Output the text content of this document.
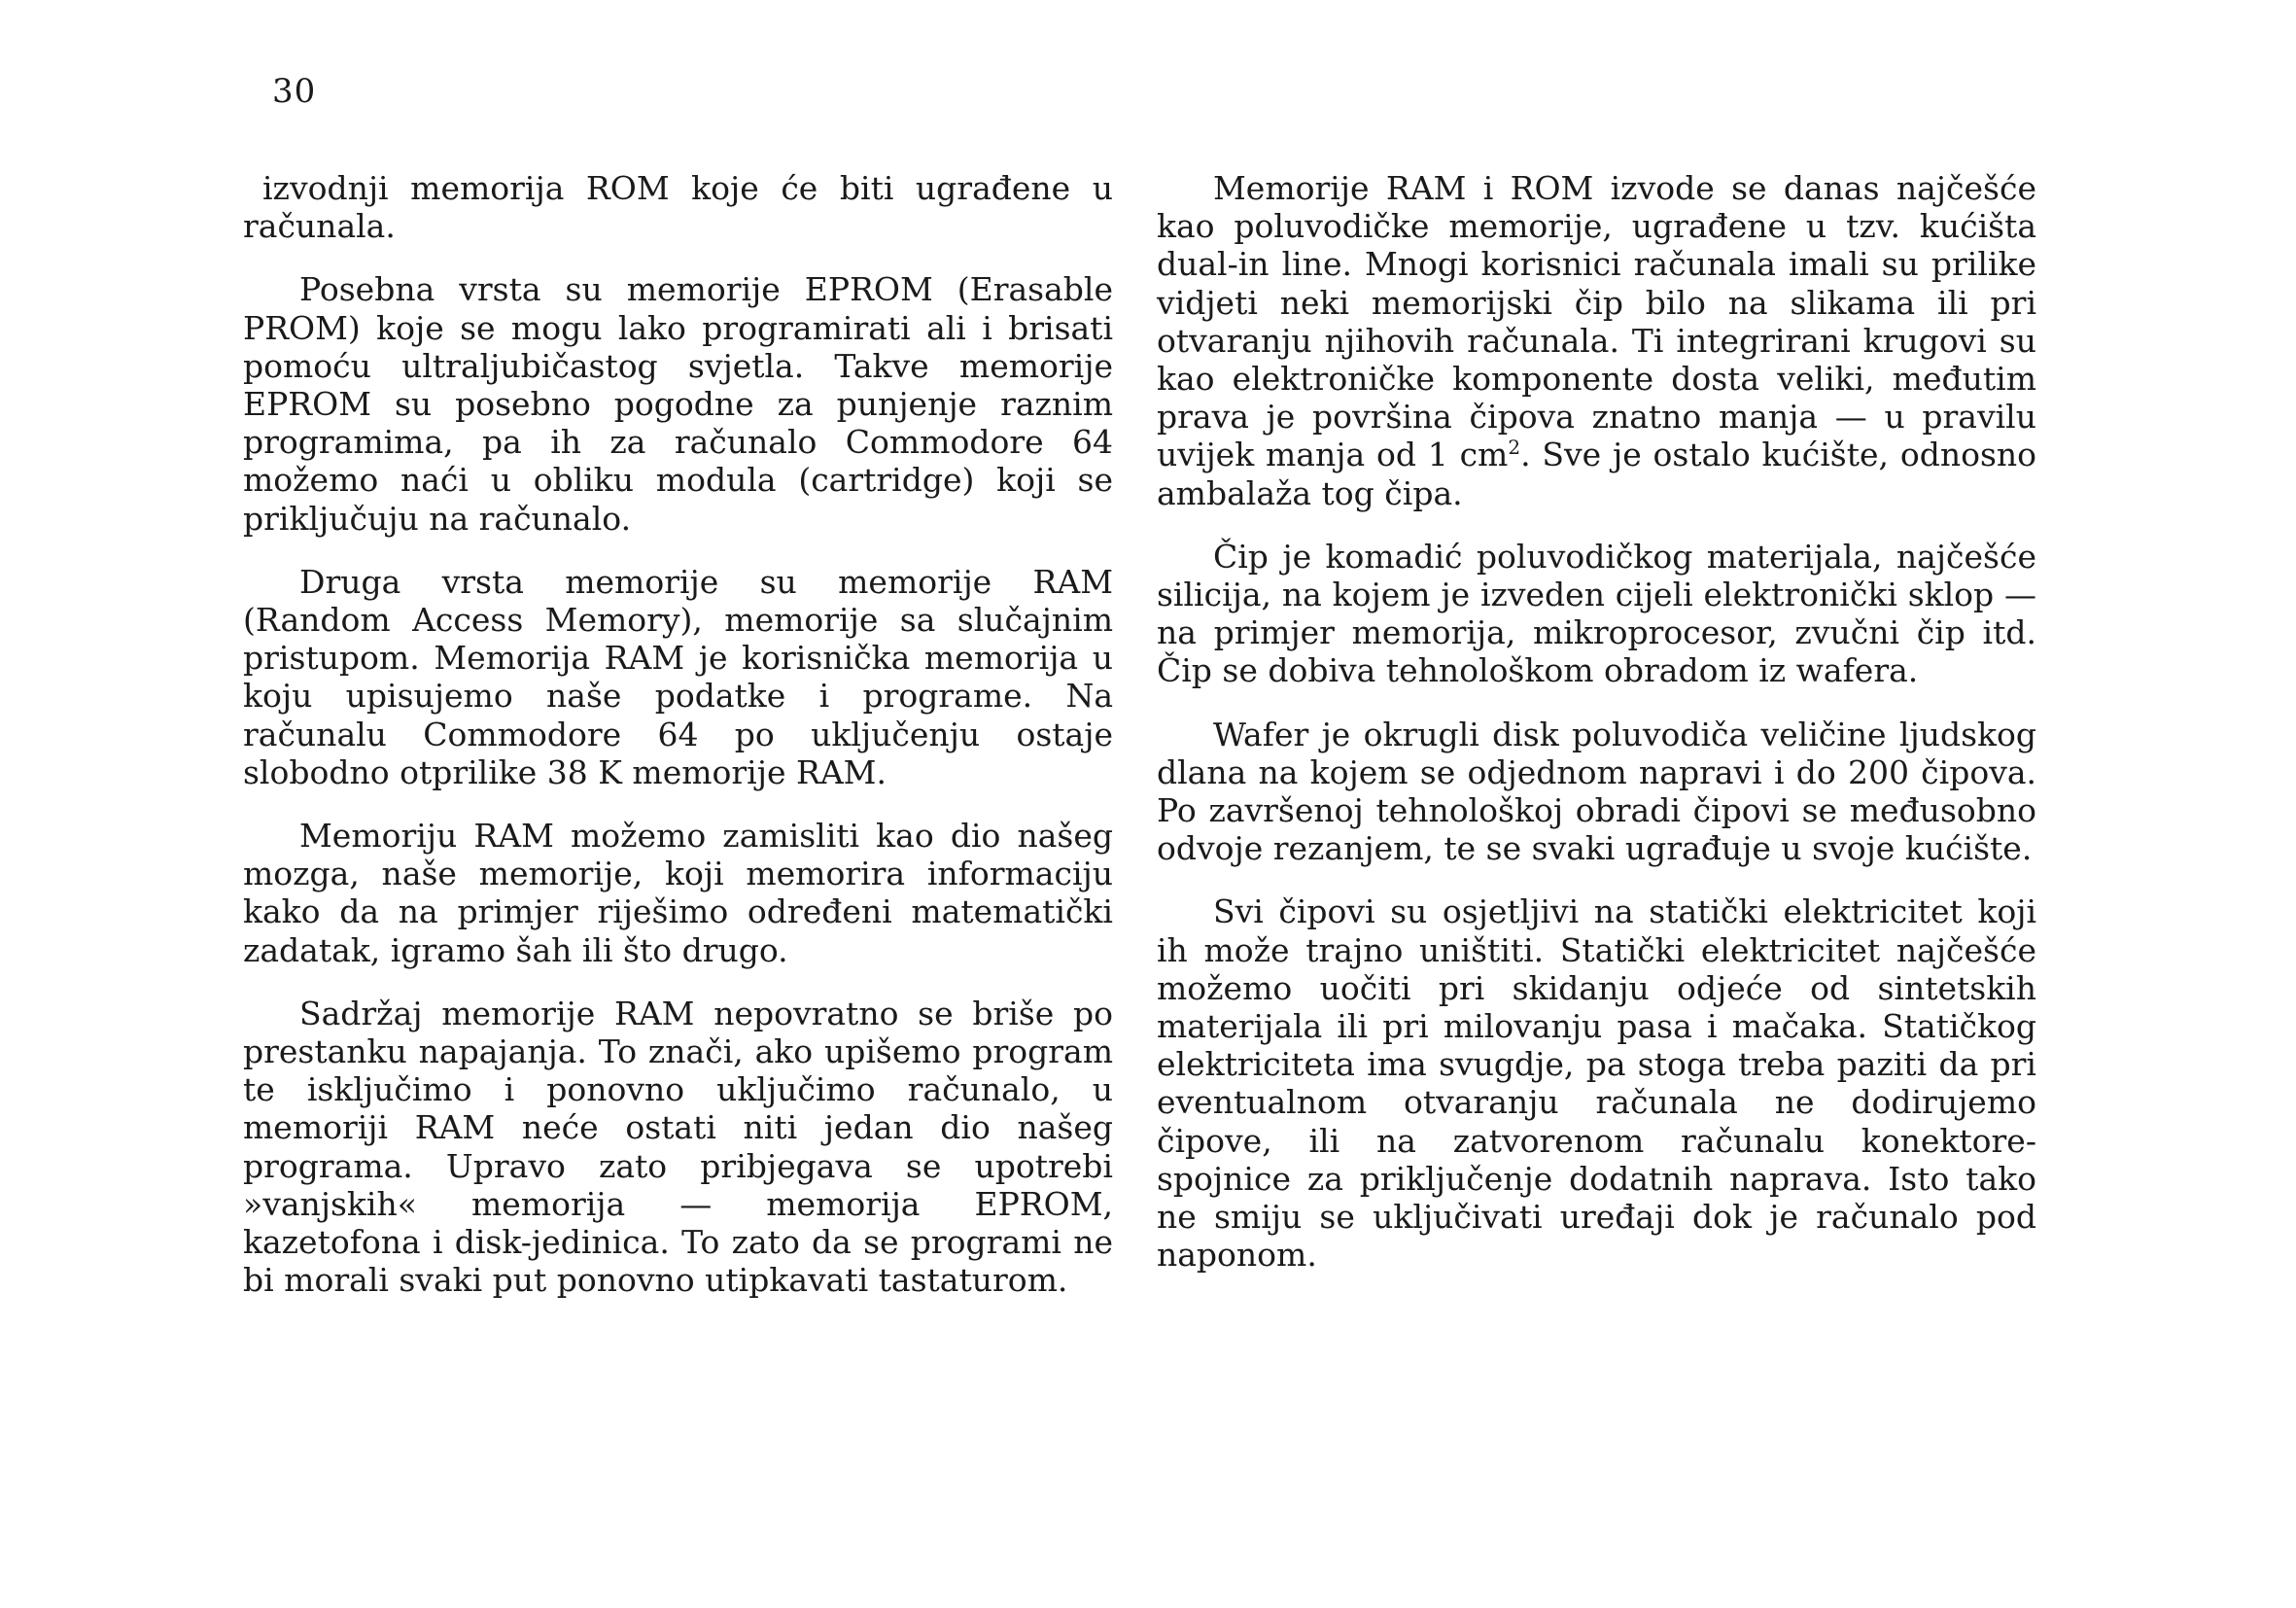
30

izvodnji memorija ROM koje će biti ugrađene u računala.

Posebna vrsta su memorije EPROM (Erasable PROM) koje se mogu lako programirati ali i brisati pomoću ultraljubičastog svjetla. Takve memorije EPROM su posebno pogodne za punjenje raznim programima, pa ih za računalo Commodore 64 možemo naći u obliku modula (cartridge) koji se priključuju na računalo.

Druga vrsta memorije su memorije RAM (Random Access Memory), memorije sa slučajnim pristupom. Memorija RAM je korisnička memorija u koju upisujemo naše podatke i programe. Na računalu Commodore 64 po uključenju ostaje slobodno otprilike 38 K memorije RAM.

Memoriju RAM možemo zamisliti kao dio našeg mozga, naše memorije, koji memorira informaciju kako da na primjer riješimo određeni matematički zadatak, igramo šah ili što drugo.

Sadržaj memorije RAM nepovratno se briše po prestanku napajanja. To znači, ako upišemo program te isključimo i ponovno uključimo računalo, u memoriji RAM neće ostati niti jedan dio našeg programa. Upravo zato pribjegava se upotrebi »vanjskih« memorija — memorija EPROM, kazetofona i disk-jedinica. To zato da se programi ne bi morali svaki put ponovno utipkavati tastaturom.

Memorije RAM i ROM izvode se danas najčešće kao poluvodičke memorije, ugrađene u tzv. kućišta dual-in line. Mnogi korisnici računala imali su prilike vidjeti neki memorijski čip bilo na slikama ili pri otvaranju njihovih računala. Ti integrirani krugovi su kao elektroničke komponente dosta veliki, međutim prava je površina čipova znatno manja — u pravilu uvijek manja od 1 $cm^2$. Sve je ostalo kućište, odnosno ambalaža tog čipa.

Čip je komadić poluvodičkog materijala, najčešće silicija, na kojem je izveden cijeli elektronički sklop — na primjer memorija, mikroprocesor, zvučni čip itd. Čip se dobiva tehnološkom obradom iz wafera.

Wafer je okrugli disk poluvodiča veličine ljudskog dlana na kojem se odjednom napravi i do 200 čipova. Po završenoj tehnološkoj obradi čipovi se međusobno odvoje rezanjem, te se svaki ugrađuje u svoje kućište.

Svi čipovi su osjetljivi na statički elektricitet koji ih može trajno uništiti. Statički elektricitet najčešće možemo uočiti pri skidanju odjeće od sintetskih materijala ili pri milovanju pasa i mačaka. Statičkog elektriciteta ima svugdje, pa stoga treba paziti da pri eventualnom otvaranju računala ne dodirujemo čipove, ili na zatvorenom računalu konektore-spojnice za priključenje dodatnih naprava. Isto tako ne smiju se uključivati uređaji dok je računalo pod naponom.
